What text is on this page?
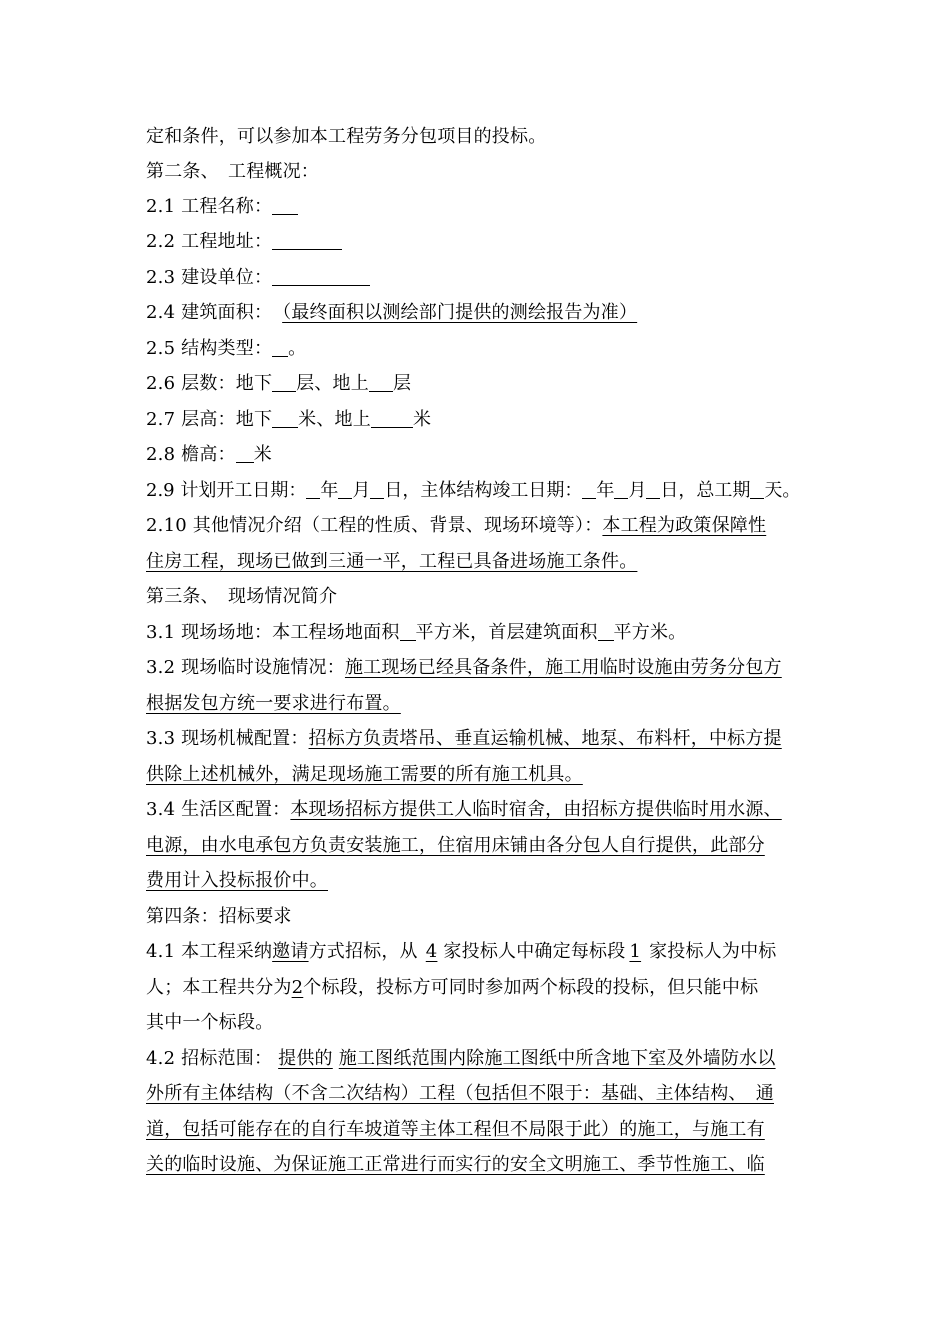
定和条件，可以参加本工程劳务分包项目的投标。
第二条、　工程概况：
2.1 工程名称：
2.2 工程地址：
2.3 建设单位：
2.4 建筑面积： （最终面积以测绘部门提供的测绘报告为准）
2.5 结构类型： 。
2.6 层数：地下 层、地上 层
2.7 层高：地下 米、地上 米
2.8 檐高： 米
2.9 计划开工日期： 年 月 日，主体结构竣工日期： 年 月 日，总工期 天。
2.10 其他情况介绍（工程的性质、背景、现场环境等）：本工程为政策保障性
住房工程，现场已做到三通一平，工程已具备进场施工条件。
第三条、　现场情况简介
3.1 现场场地：本工程场地面积 平方米，首层建筑面积 平方米。
3.2 现场临时设施情况：施工现场已经具备条件，施工用临时设施由劳务分包方
根据发包方统一要求进行布置。
3.3 现场机械配置：招标方负责塔吊、垂直运输机械、地泵、布料杆，中标方提
供除上述机械外，满足现场施工需要的所有施工机具。
3.4 生活区配置：本现场招标方提供工人临时宿舍，由招标方提供临时用水源、
电源，由水电承包方负责安装施工，住宿用床铺由各分包人自行提供，此部分
费用计入投标报价中。
第四条：招标要求
4.1 本工程采纳邀请方式招标，从 4 家投标人中确定每标段 1 家投标人为中标
人；本工程共分为2个标段，投标方可同时参加两个标段的投标，但只能中标
其中一个标段。
4.2 招标范围： 提供的 施工图纸范围内除施工图纸中所含地下室及外墙防水以
外所有主体结构（不含二次结构）工程（包括但不限于：基础、主体结构、　通
道，包括可能存在的自行车坡道等主体工程但不局限于此）的施工，与施工有
关的临时设施、为保证施工正常进行而实行的安全文明施工、季节性施工、临
